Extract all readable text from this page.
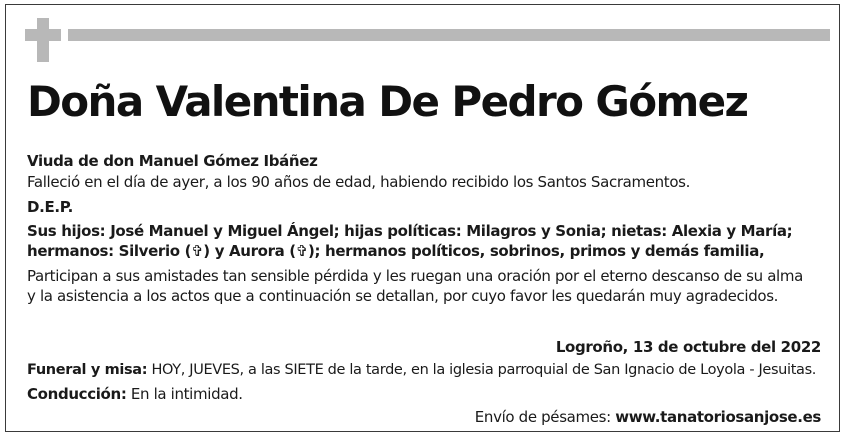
Doña Valentina De Pedro Gómez

Viuda de don Manuel Gómez Ibáñez

Falleció en el día de ayer, a los 90 años de edad, habiendo recibido los Santos Sacramentos.

D.E.P.

Sus hijos: José Manuel y Miguel Ángel; hijas políticas: Milagros y Sonia; nietas: Alexia y María;

hermanos: Silverio (✞) y Aurora (✞); hermanos políticos, sobrinos, primos y demás familia,

Participan a sus amistades tan sensible pérdida y les ruegan una oración por el eterno descanso de su alma

y la asistencia a los actos que a continuación se detallan, por cuyo favor les quedarán muy agradecidos.

Logroño, 13 de octubre del 2022

Funeral y misa: HOY, JUEVES, a las SIETE de la tarde, en la iglesia parroquial de San Ignacio de Loyola - Jesuitas.

Conducción: En la intimidad.

Envío de pésames: www.tanatoriosanjose.es
